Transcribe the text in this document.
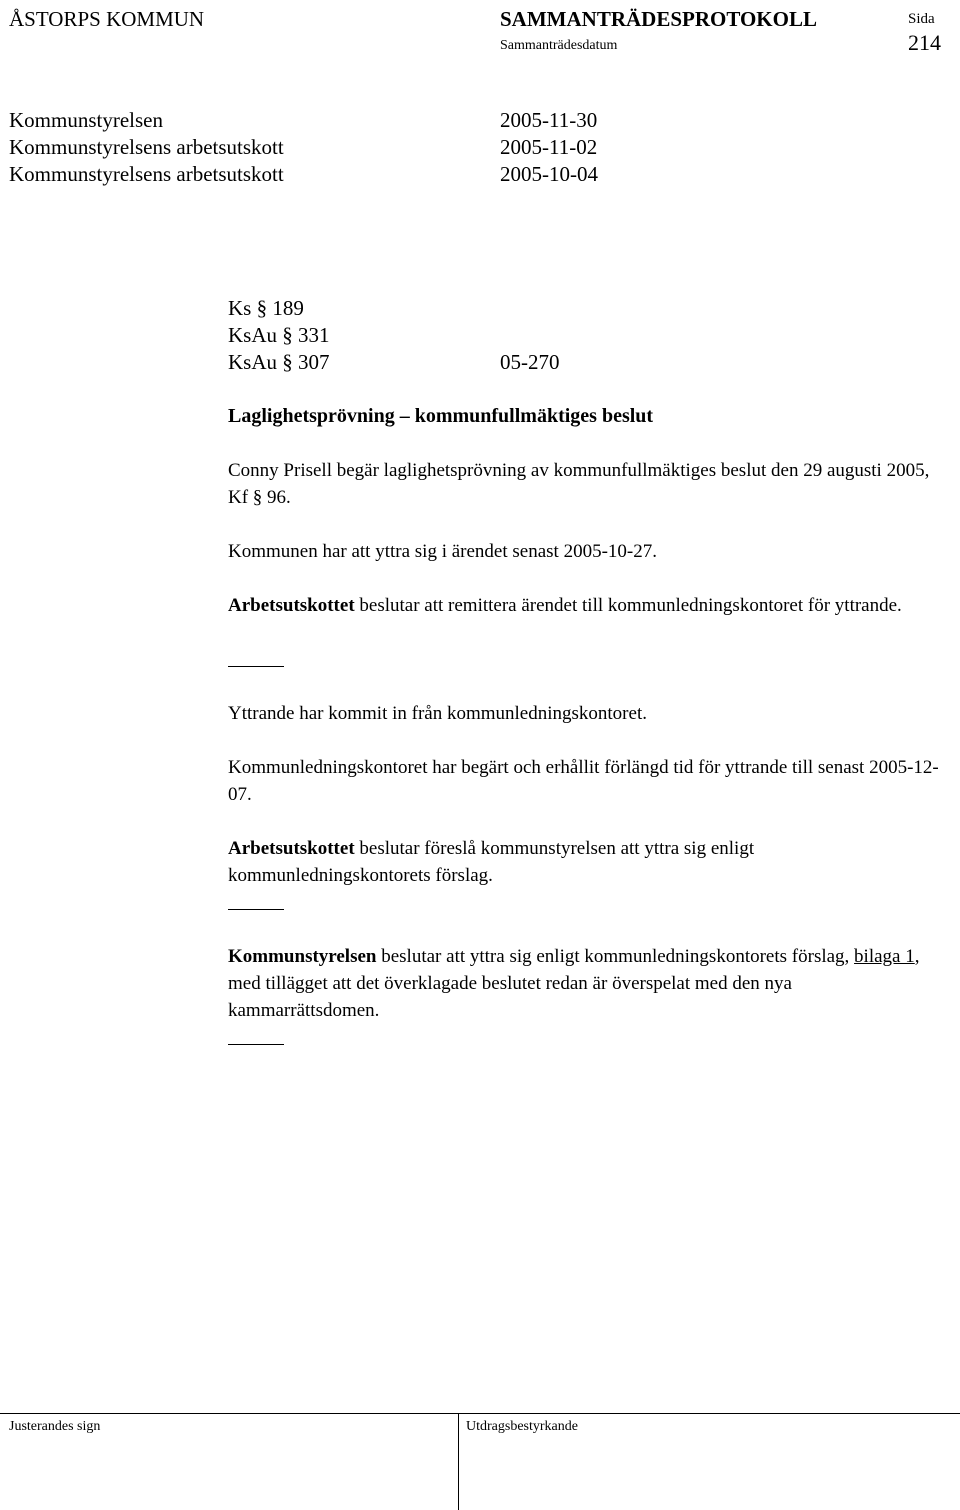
ÅSTORPS KOMMUN	SAMMANTRÄDESPROTOKOLL	Sida
Sammanträdesdatum	214
Kommunstyrelsen	2005-11-30
Kommunstyrelsens arbetsutskott	2005-11-02
Kommunstyrelsens arbetsutskott	2005-10-04
Ks § 189
KsAu § 331
KsAu § 307	05-270
Laglighetsprövning – kommunfullmäktiges beslut
Conny Prisell begär laglighetsprövning av kommunfullmäktiges beslut den 29 augusti 2005, Kf § 96.
Kommunen har att yttra sig i ärendet senast 2005-10-27.
Arbetsutskottet beslutar att remittera ärendet till kommunledningskontoret för yttrande.
Yttrande har kommit in från kommunledningskontoret.
Kommunledningskontoret har begärt och erhållit förlängd tid för yttrande till senast 2005-12-07.
Arbetsutskottet beslutar föreslå kommunstyrelsen att yttra sig enligt kommunledningskontorets förslag.
Kommunstyrelsen beslutar att yttra sig enligt kommunledningskontorets förslag, bilaga 1, med tillägget att det överklagade beslutet redan är överspelat med den nya kammarrättsdomen.
Justerandes sign	Utdragsbestyrkande
